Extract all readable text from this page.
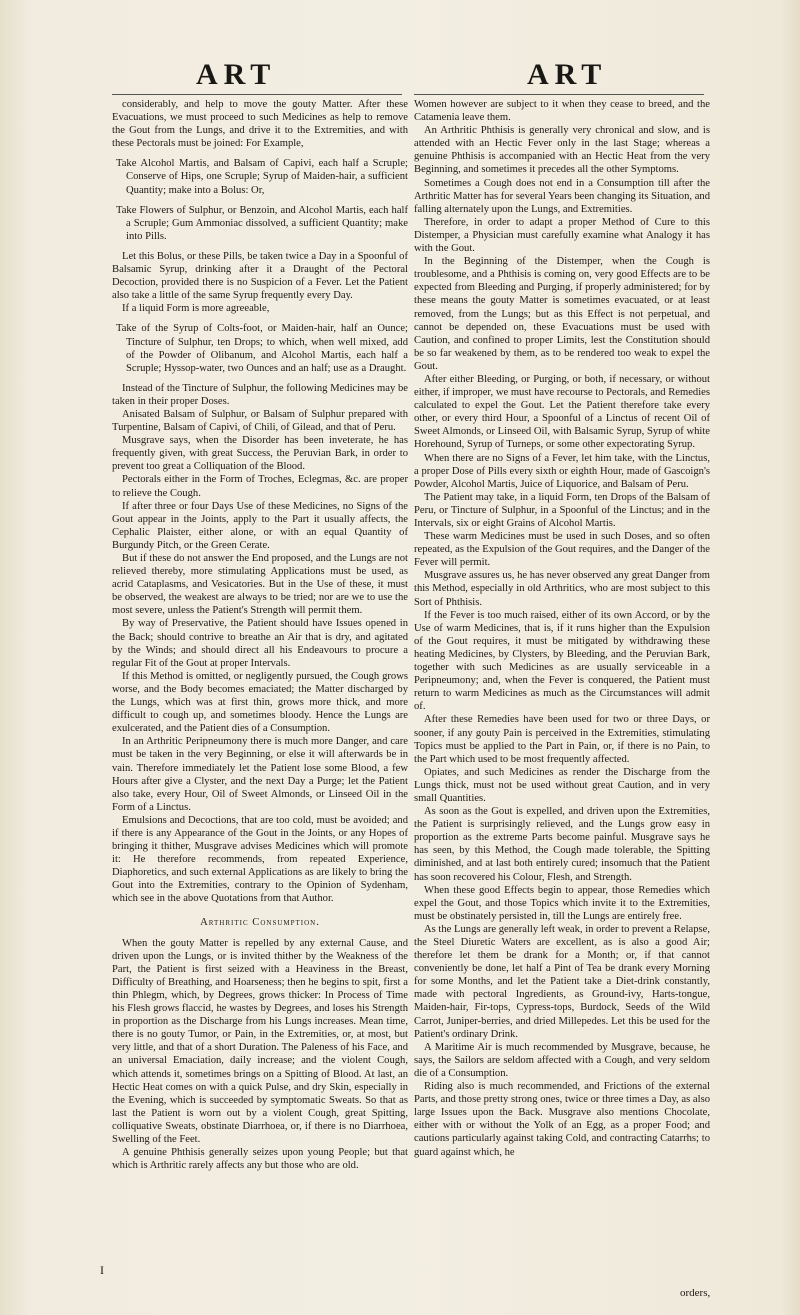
ART	ART

considerably, and help to move the gouty Matter. After these Evacuations, we must proceed to such Medicines as help to remove the Gout from the Lungs, and drive it to the Extremities, and with these Pectorals must be joined: For Example,

Take Alcohol Martis, and Balsam of Capivi, each half a Scruple; Conserve of Hips, one Scruple; Syrup of Maiden-hair, a sufficient Quantity; make into a Bolus: Or,

Take Flowers of Sulphur, or Benzoin, and Alcohol Martis, each half a Scruple; Gum Ammoniac dissolved, a sufficient Quantity; make into Pills.

Let this Bolus, or these Pills, be taken twice a Day in a Spoonful of Balsamic Syrup, drinking after it a Draught of the Pectoral Decoction, provided there is no Suspicion of a Fever. Let the Patient also take a little of the same Syrup frequently every Day.

If a liquid Form is more agreeable,

Take of the Syrup of Colts-foot, or Maiden-hair, half an Ounce; Tincture of Sulphur, ten Drops; to which, when well mixed, add of the Powder of Olibanum, and Alcohol Martis, each half a Scruple; Hyssop-water, two Ounces and an half; use as a Draught.

Instead of the Tincture of Sulphur, the following Medicines may be taken in their proper Doses.

Anisated Balsam of Sulphur, or Balsam of Sulphur prepared with Turpentine, Balsam of Capivi, of Chili, of Gilead, and that of Peru.

Musgrave says, when the Disorder has been inveterate, he has frequently given, with great Success, the Peruvian Bark, in order to prevent too great a Colliquation of the Blood.

Pectorals either in the Form of Troches, Eclegmas, &c. are proper to relieve the Cough.

If after three or four Days Use of these Medicines, no Signs of the Gout appear in the Joints, apply to the Part it usually affects, the Cephalic Plaister, either alone, or with an equal Quantity of Burgundy Pitch, or the Green Cerate.

But if these do not answer the End proposed, and the Lungs are not relieved thereby, more stimulating Applications must be used, as acrid Cataplasms, and Vesicatories. But in the Use of these, it must be observed, the weakest are always to be tried; nor are we to use the most severe, unless the Patient's Strength will permit them.

By way of Preservative, the Patient should have Issues opened in the Back; should contrive to breathe an Air that is dry, and agitated by the Winds; and should direct all his Endeavours to procure a regular Fit of the Gout at proper Intervals.

If this Method is omitted, or negligently pursued, the Cough grows worse, and the Body becomes emaciated; the Matter discharged by the Lungs, which was at first thin, grows more thick, and more difficult to cough up, and sometimes bloody. Hence the Lungs are exulcerated, and the Patient dies of a Consumption.

In an Arthritic Peripneumony there is much more Danger, and care must be taken in the very Beginning, or else it will afterwards be in vain. Therefore immediately let the Patient lose some Blood, a few Hours after give a Clyster, and the next Day a Purge; let the Patient also take, every Hour, Oil of Sweet Almonds, or Linseed Oil in the Form of a Linctus.

Emulsions and Decoctions, that are too cold, must be avoided; and if there is any Appearance of the Gout in the Joints, or any Hopes of bringing it thither, Musgrave advises Medicines which will promote it: He therefore recommends, from repeated Experience, Diaphoretics, and such external Applications as are likely to bring the Gout into the Extremities, contrary to the Opinion of Sydenham, which see in the above Quotations from that Author.

Arthritic Consumption.

When the gouty Matter is repelled by any external Cause, and driven upon the Lungs, or is invited thither by the Weakness of the Part, the Patient is first seized with a Heaviness in the Breast, Difficulty of Breathing, and Hoarseness; then he begins to spit, first a thin Phlegm, which, by Degrees, grows thicker: In Process of Time his Flesh grows flaccid, he wastes by Degrees, and loses his Strength in proportion as the Discharge from his Lungs increases. Mean time, there is no gouty Tumor, or Pain, in the Extremities, or, at most, but very little, and that of a short Duration. The Paleness of his Face, and an universal Emaciation, daily increase; and the violent Cough, which attends it, sometimes brings on a Spitting of Blood. At last, an Hectic Heat comes on with a quick Pulse, and dry Skin, especially in the Evening, which is succeeded by symptomatic Sweats. So that as last the Patient is worn out by a violent Cough, great Spitting, colliquative Sweats, obstinate Diarrhoea, or, if there is no Diarrhoea, Swelling of the Feet.

A genuine Phthisis generally seizes upon young People; but that which is Arthritic rarely affects any but those who are old.

Women however are subject to it when they cease to breed, and the Catamenia leave them.

An Arthritic Phthisis is generally very chronical and slow, and is attended with an Hectic Fever only in the last Stage; whereas a genuine Phthisis is accompanied with an Hectic Heat from the very Beginning, and sometimes it precedes all the other Symptoms.

Sometimes a Cough does not end in a Consumption till after the Arthritic Matter has for several Years been changing its Situation, and falling alternately upon the Lungs, and Extremities.

Therefore, in order to adapt a proper Method of Cure to this Distemper, a Physician must carefully examine what Analogy it has with the Gout.

In the Beginning of the Distemper, when the Cough is troublesome, and a Phthisis is coming on, very good Effects are to be expected from Bleeding and Purging, if properly administered; for by these means the gouty Matter is sometimes evacuated, or at least removed, from the Lungs; but as this Effect is not perpetual, and cannot be depended on, these Evacuations must be used with Caution, and confined to proper Limits, lest the Constitution should be so far weakened by them, as to be rendered too weak to expel the Gout.

After either Bleeding, or Purging, or both, if necessary, or without either, if improper, we must have recourse to Pectorals, and Remedies calculated to expel the Gout. Let the Patient therefore take every other, or every third Hour, a Spoonful of a Linctus of recent Oil of Sweet Almonds, or Linseed Oil, with Balsamic Syrup, Syrup of white Horehound, Syrup of Turneps, or some other expectorating Syrup.

When there are no Signs of a Fever, let him take, with the Linctus, a proper Dose of Pills every sixth or eighth Hour, made of Gascoign's Powder, Alcohol Martis, Juice of Liquorice, and Balsam of Peru.

The Patient may take, in a liquid Form, ten Drops of the Balsam of Peru, or Tincture of Sulphur, in a Spoonful of the Linctus; and in the Intervals, six or eight Grains of Alcohol Martis.

These warm Medicines must be used in such Doses, and so often repeated, as the Expulsion of the Gout requires, and the Danger of the Fever will permit.

Musgrave assures us, he has never observed any great Danger from this Method, especially in old Arthritics, who are most subject to this Sort of Phthisis.

If the Fever is too much raised, either of its own Accord, or by the Use of warm Medicines, that is, if it runs higher than the Expulsion of the Gout requires, it must be mitigated by withdrawing these heating Medicines, by Clysters, by Bleeding, and the Peruvian Bark, together with such Medicines as are usually serviceable in a Peripneumony; and, when the Fever is conquered, the Patient must return to warm Medicines as much as the Circumstances will admit of.

After these Remedies have been used for two or three Days, or sooner, if any gouty Pain is perceived in the Extremities, stimulating Topics must be applied to the Part in Pain, or, if there is no Pain, to the Part which used to be most frequently affected.

Opiates, and such Medicines as render the Discharge from the Lungs thick, must not be used without great Caution, and in very small Quantities.

As soon as the Gout is expelled, and driven upon the Extremities, the Patient is surprisingly relieved, and the Lungs grow easy in proportion as the extreme Parts become painful. Musgrave says he has seen, by this Method, the Cough made tolerable, the Spitting diminished, and at last both entirely cured; insomuch that the Patient has soon recovered his Colour, Flesh, and Strength.

When these good Effects begin to appear, those Remedies which expel the Gout, and those Topics which invite it to the Extremities, must be obstinately persisted in, till the Lungs are entirely free.

As the Lungs are generally left weak, in order to prevent a Relapse, the Steel Diuretic Waters are excellent, as is also a good Air; therefore let them be drank for a Month; or, if that cannot conveniently be done, let half a Pint of Tea be drank every Morning for some Months, and let the Patient take a Diet-drink constantly, made with pectoral Ingredients, as Ground-ivy, Harts-tongue, Maiden-hair, Fir-tops, Cypress-tops, Burdock, Seeds of the Wild Carrot, Juniper-berries, and dried Millepedes. Let this be used for the Patient's ordinary Drink.

A Maritime Air is much recommended by Musgrave, because, he says, the Sailors are seldom affected with a Cough, and very seldom die of a Consumption.

Riding also is much recommended, and Frictions of the external Parts, and those pretty strong ones, twice or three times a Day, as also large Issues upon the Back. Musgrave also mentions Chocolate, either with or without the Yolk of an Egg, as a proper Food; and cautions particularly against taking Cold, and contracting Catarrhs; to guard against which, he

I
orders,
